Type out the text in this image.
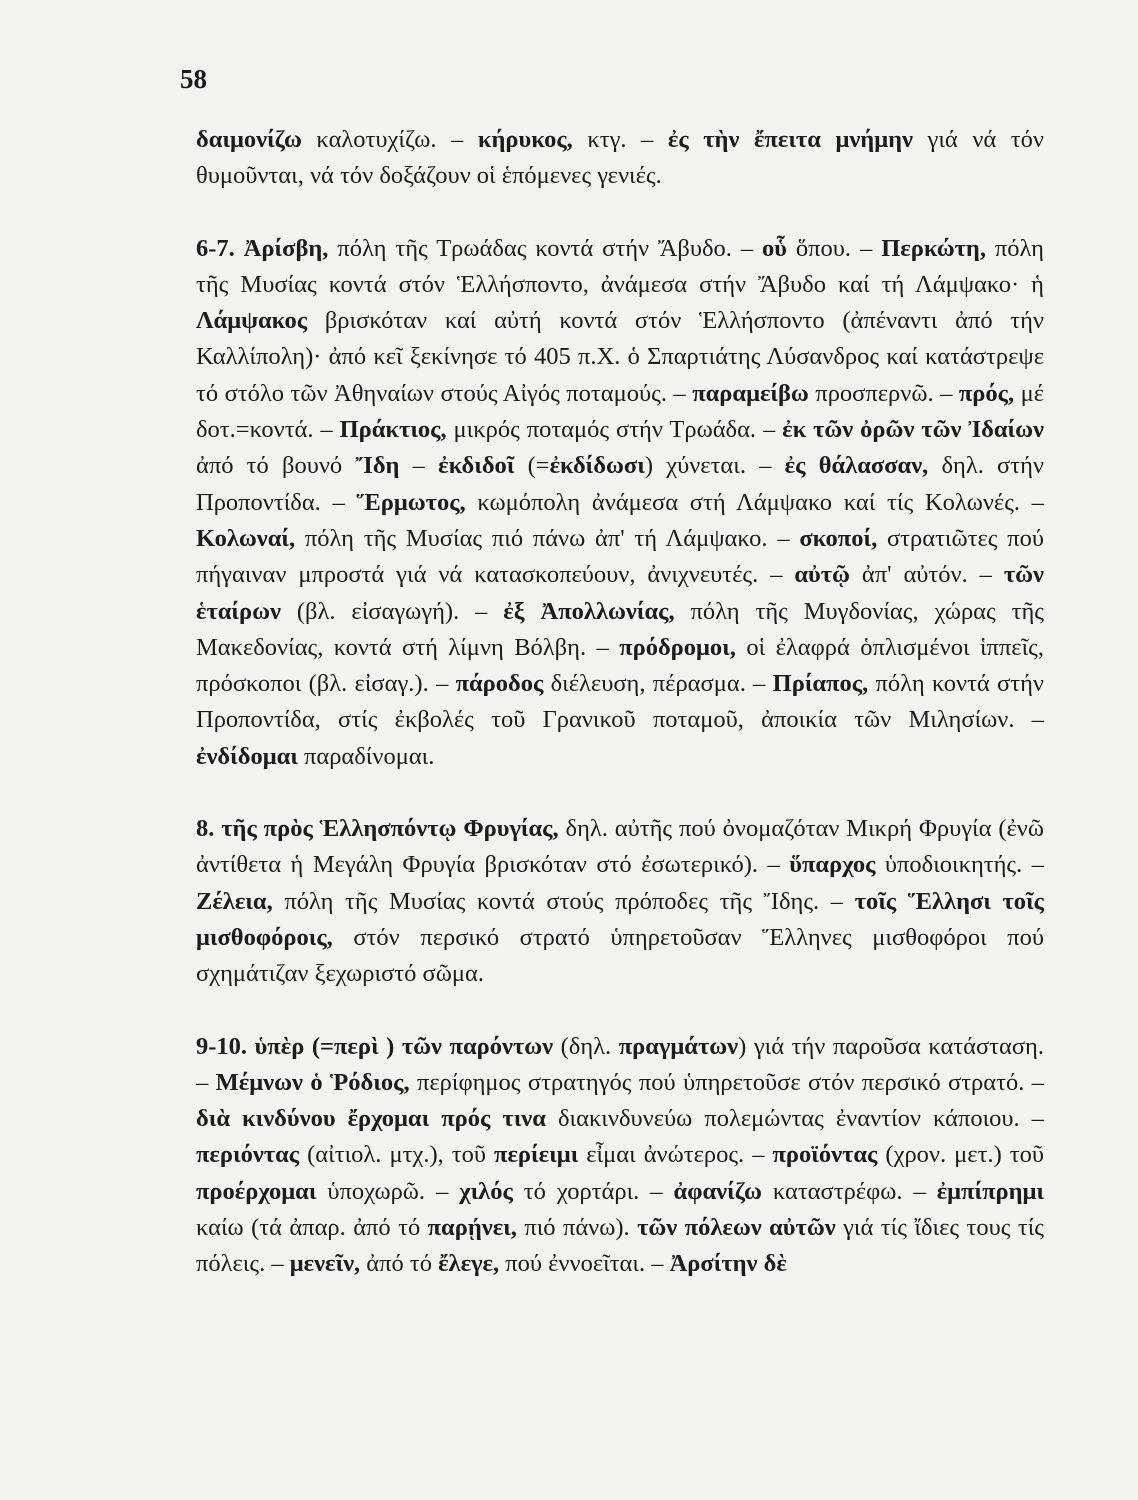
58

δαιμονίζω καλοτυχίζω. – κήρυκος, κτγ. – ἐς τὴν ἔπειτα μνήμην γιά νά τόν θυμοῦνται, νά τόν δοξάζουν οἱ ἑπόμενες γενιές.

6-7. Ἀρίσβη, πόλη τῆς Τρωάδας κοντά στήν Ἄβυδο. – οὗ ὅπου. – Περκώτη, πόλη τῆς Μυσίας κοντά στόν Ἑλλήσποντο, ἀνάμεσα στήν Ἄβυδο καί τή Λάμψακο· ἡ Λάμψακος βρισκόταν καί αὐτή κοντά στόν Ἑλλήσποντο (ἀπέναντι ἀπό τήν Καλλίπολη)· ἀπό κεῖ ξεκίνησε τό 405 π.Χ. ὁ Σπαρτιάτης Λύσανδρος καί κατάστρεψε τό στόλο τῶν Ἀθηναίων στούς Αἰγός ποταμούς. – παραμείβω προσπερνῶ. – πρός, μέ δοτ.=κοντά. – Πράκτιος, μικρός ποταμός στήν Τρωάδα. – ἐκ τῶν ὀρῶν τῶν Ἰδαίων ἀπό τό βουνό Ἴδη – ἐκδιδοῖ (=ἐκδίδωσι) χύνεται. – ἐς θάλασσαν, δηλ. στήν Προποντίδα. – Ἕρμωτος, κωμόπολη ἀνάμεσα στή Λάμψακο καί τίς Κολωνές. – Κολωναί, πόλη τῆς Μυσίας πιό πάνω ἀπ' τή Λάμψακο. – σκοποί, στρατιῶτες πού πήγαιναν μπροστά γιά νά κατασκοπεύουν, ἀνιχνευτές. – αὐτῷ ἀπ' αὐτόν. – τῶν ἑταίρων (βλ. εἰσαγωγή). – ἐξ Ἀπολλωνίας, πόλη τῆς Μυγδονίας, χώρας τῆς Μακεδονίας, κοντά στή λίμνη Βόλβη. – πρόδρομοι, οἱ ἐλαφρά ὁπλισμένοι ἱππεῖς, πρόσκοποι (βλ. εἰσαγ.). – πάροδος διέλευση, πέρασμα. – Πρίαπος, πόλη κοντά στήν Προποντίδα, στίς ἐκβολές τοῦ Γρανικοῦ ποταμοῦ, ἀποικία τῶν Μιλησίων. – ἐνδίδομαι παραδίνομαι.

8. τῆς πρὸς Ἑλλησπόντῳ Φρυγίας, δηλ. αὐτῆς πού ὀνομαζόταν Μικρή Φρυγία (ἐνῶ ἀντίθετα ἡ Μεγάλη Φρυγία βρισκόταν στό ἐσωτερικό). – ὕπαρχος ὑποδιοικητής. – Ζέλεια, πόλη τῆς Μυσίας κοντά στούς πρόποδες τῆς Ἴδης. – τοῖς Ἕλλησι τοῖς μισθοφόροις, στόν περσικό στρατό ὑπηρετοῦσαν Ἕλληνες μισθοφόροι πού σχημάτιζαν ξεχωριστό σῶμα.

9-10. ὑπὲρ (=περὶ ) τῶν παρόντων (δηλ. πραγμάτων) γιά τήν παροῦσα κατάσταση. – Μέμνων ὁ Ῥόδιος, περίφημος στρατηγός πού ὑπηρετοῦσε στόν περσικό στρατό. – διὰ κινδύνου ἔρχομαι πρός τινα διακινδυνεύω πολεμώντας ἐναντίον κάποιου. – περιόντας (αἰτιολ. μτχ.), τοῦ περίειμι εἶμαι ἀνώτερος. – προϊόντας (χρον. μετ.) τοῦ προέρχομαι ὑποχωρῶ. – χιλός τό χορτάρι. – ἀφανίζω καταστρέφω. – ἐμπίπρημι καίω (τά ἀπαρ. ἀπό τό παρῄνει, πιό πάνω). τῶν πόλεων αὐτῶν γιά τίς ἴδιες τους τίς πόλεις. – μενεῖν, ἀπό τό ἔλεγε, πού ἐννοεῖται. – Ἀρσίτην δὲ
